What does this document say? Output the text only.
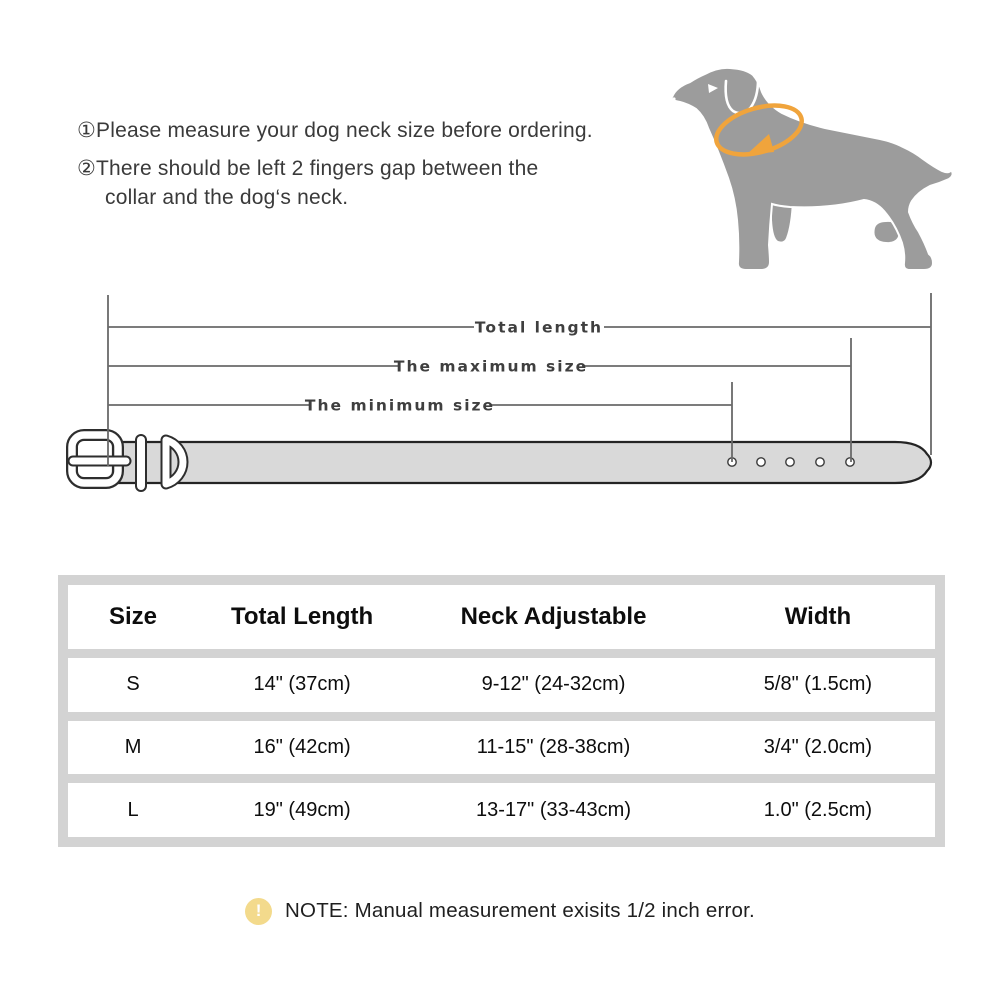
①Please measure your dog neck size before ordering.
②There should be left 2 fingers gap between the
collar and the dog‘s neck.
Total length
The maximum size
The minimum size
Size	Total Length	Neck Adjustable	Width
S	14" (37cm)	9-12" (24-32cm)	5/8" (1.5cm)
M	16" (42cm)	11-15" (28-38cm)	3/4" (2.0cm)
L	19" (49cm)	13-17" (33-43cm)	1.0" (2.5cm)
!	NOTE: Manual measurement exisits 1/2 inch error.
